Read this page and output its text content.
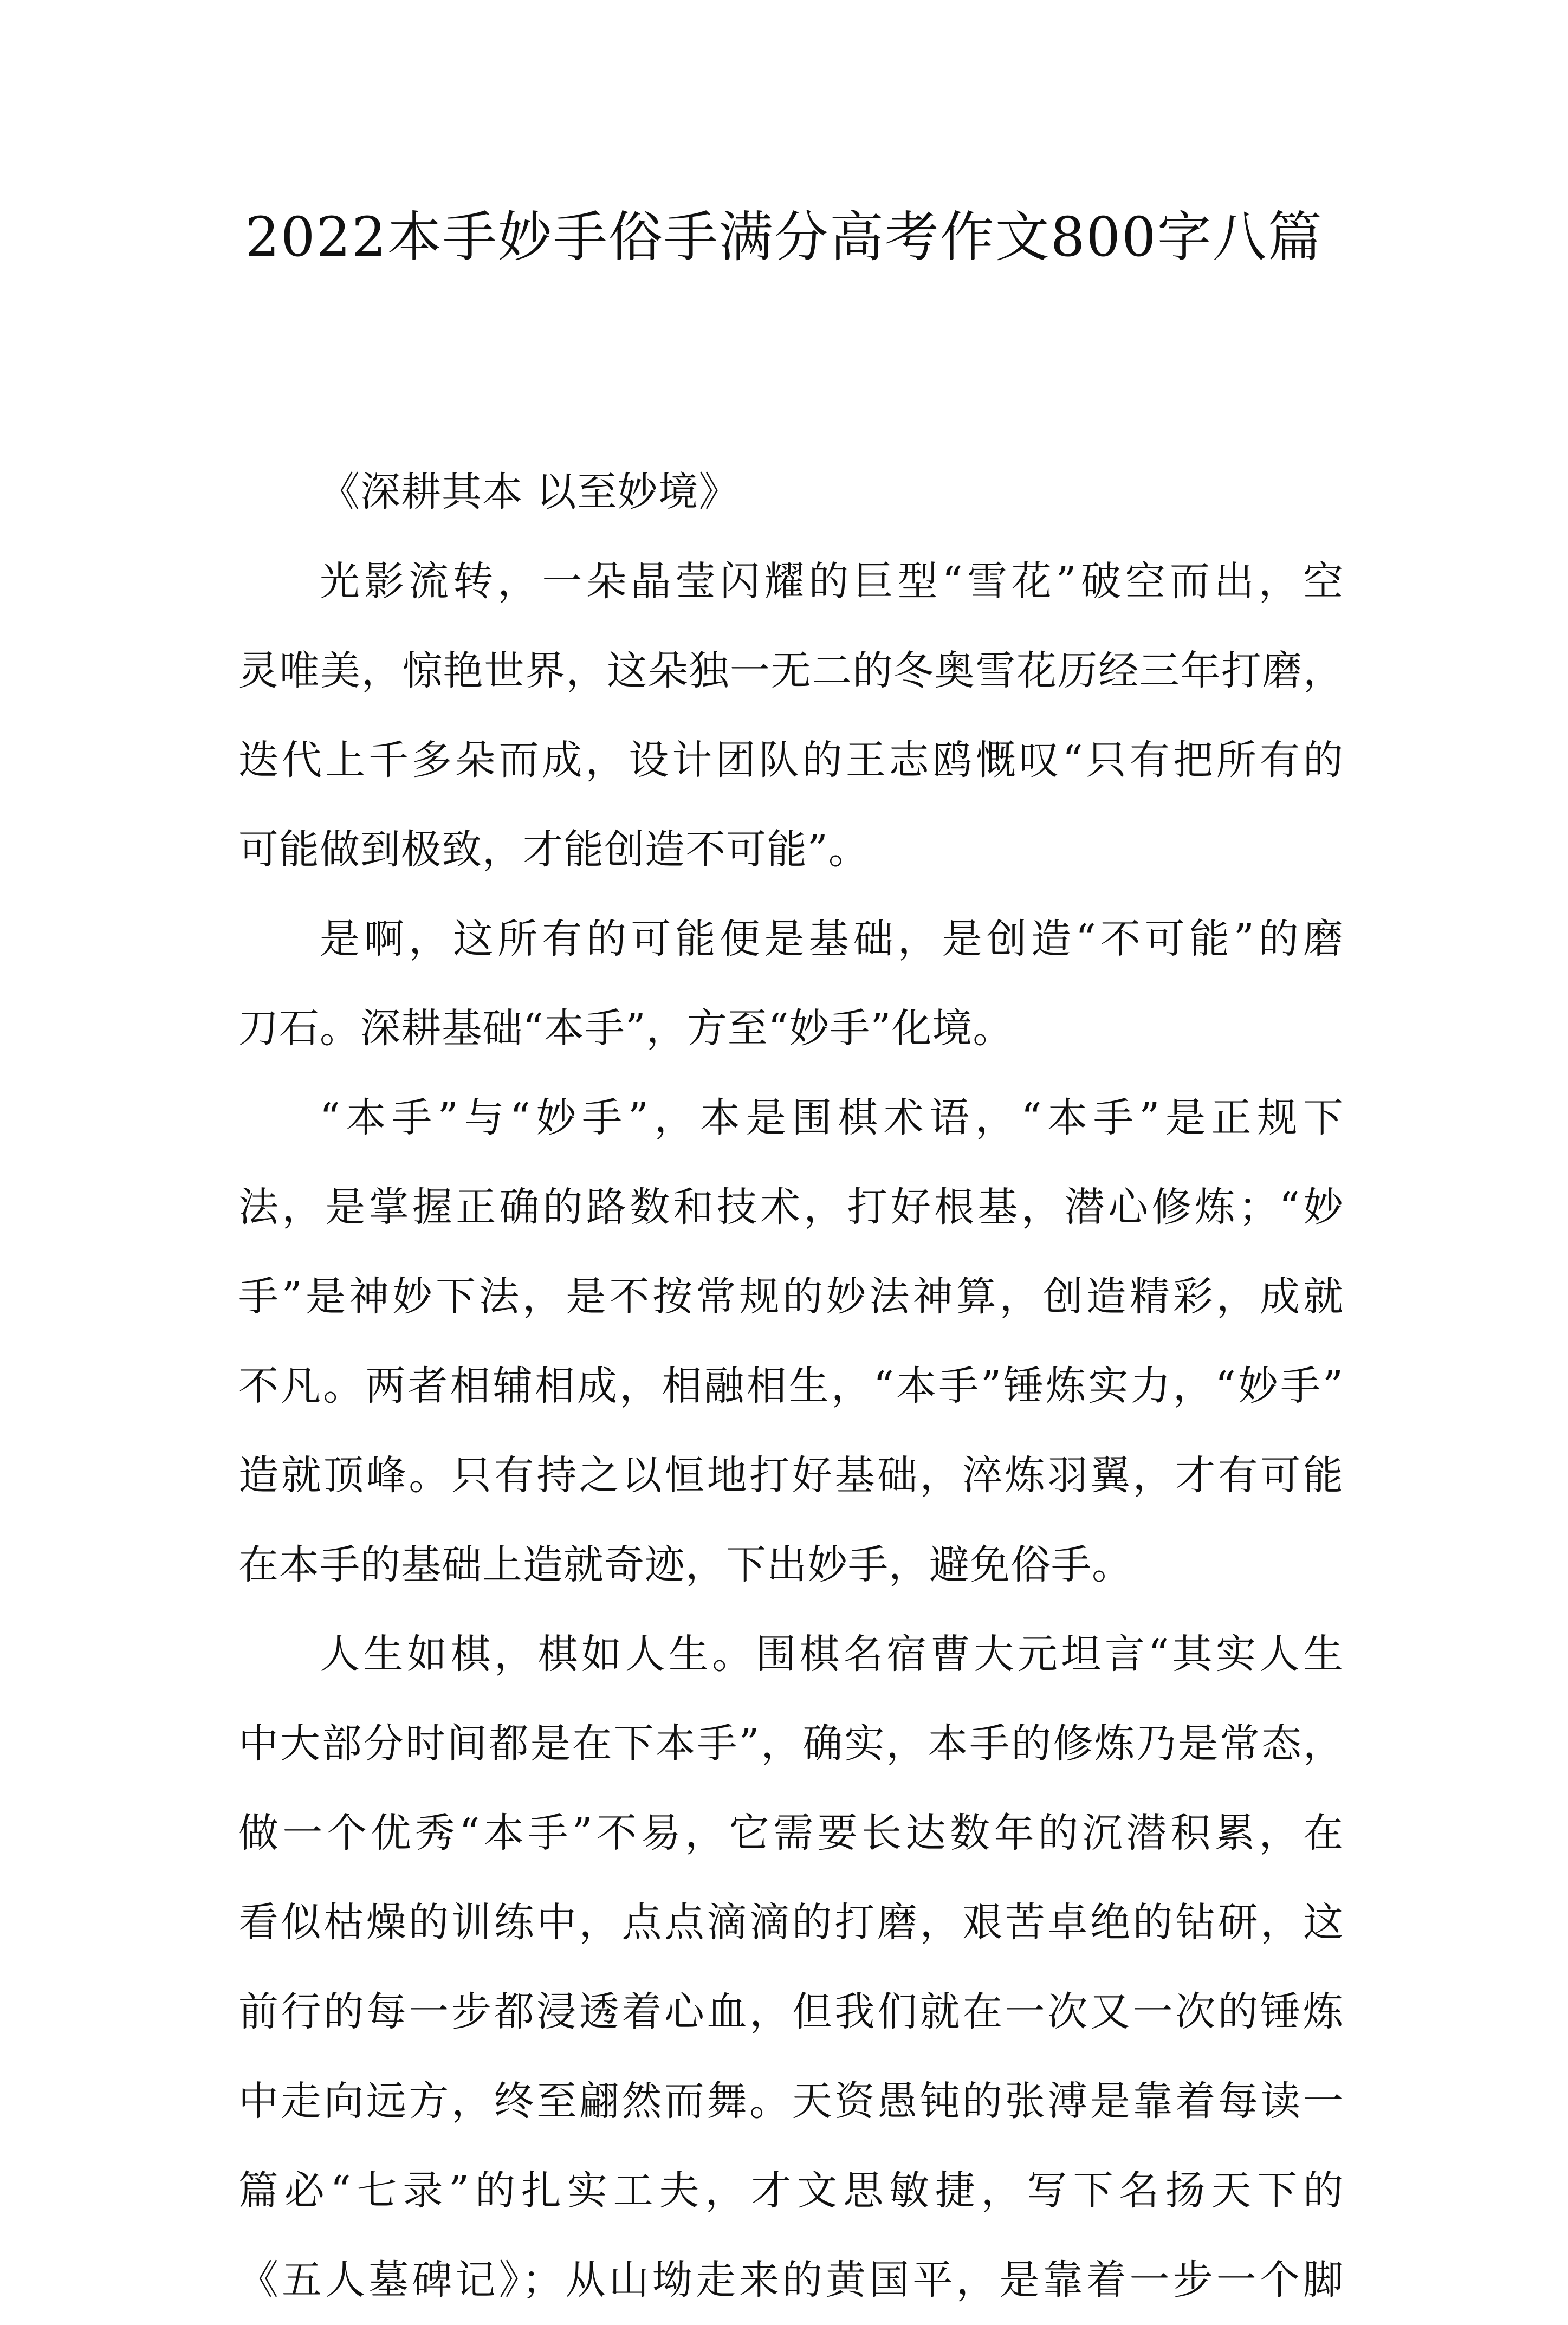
2022本手妙手俗手满分高考作文800字八篇
《深耕其本 以至妙境》
光影流转，一朵晶莹闪耀的巨型“雪花”破空而出，空
灵唯美，惊艳世界，这朵独一无二的冬奥雪花历经三年打磨，
迭代上千多朵而成，设计团队的王志鸥慨叹“只有把所有的
可能做到极致，才能创造不可能”。
是啊，这所有的可能便是基础，是创造“不可能”的磨
刀石。深耕基础“本手”，方至“妙手”化境。
“本手”与“妙手”，本是围棋术语，“本手”是正规下
法，是掌握正确的路数和技术，打好根基，潜心修炼；“妙
手”是神妙下法，是不按常规的妙法神算，创造精彩，成就
不凡。两者相辅相成，相融相生，“本手”锤炼实力，“妙手”
造就顶峰。只有持之以恒地打好基础，淬炼羽翼，才有可能
在本手的基础上造就奇迹，下出妙手，避免俗手。
人生如棋，棋如人生。围棋名宿曹大元坦言“其实人生
中大部分时间都是在下本手”，确实，本手的修炼乃是常态，
做一个优秀“本手”不易，它需要长达数年的沉潜积累，在
看似枯燥的训练中，点点滴滴的打磨，艰苦卓绝的钻研，这
前行的每一步都浸透着心血，但我们就在一次又一次的锤炼
中走向远方，终至翩然而舞。天资愚钝的张溥是靠着每读一
篇必“七录”的扎实工夫，才文思敏捷，写下名扬天下的
《五人墓碑记》；从山坳走来的黄国平，是靠着一步一个脚
